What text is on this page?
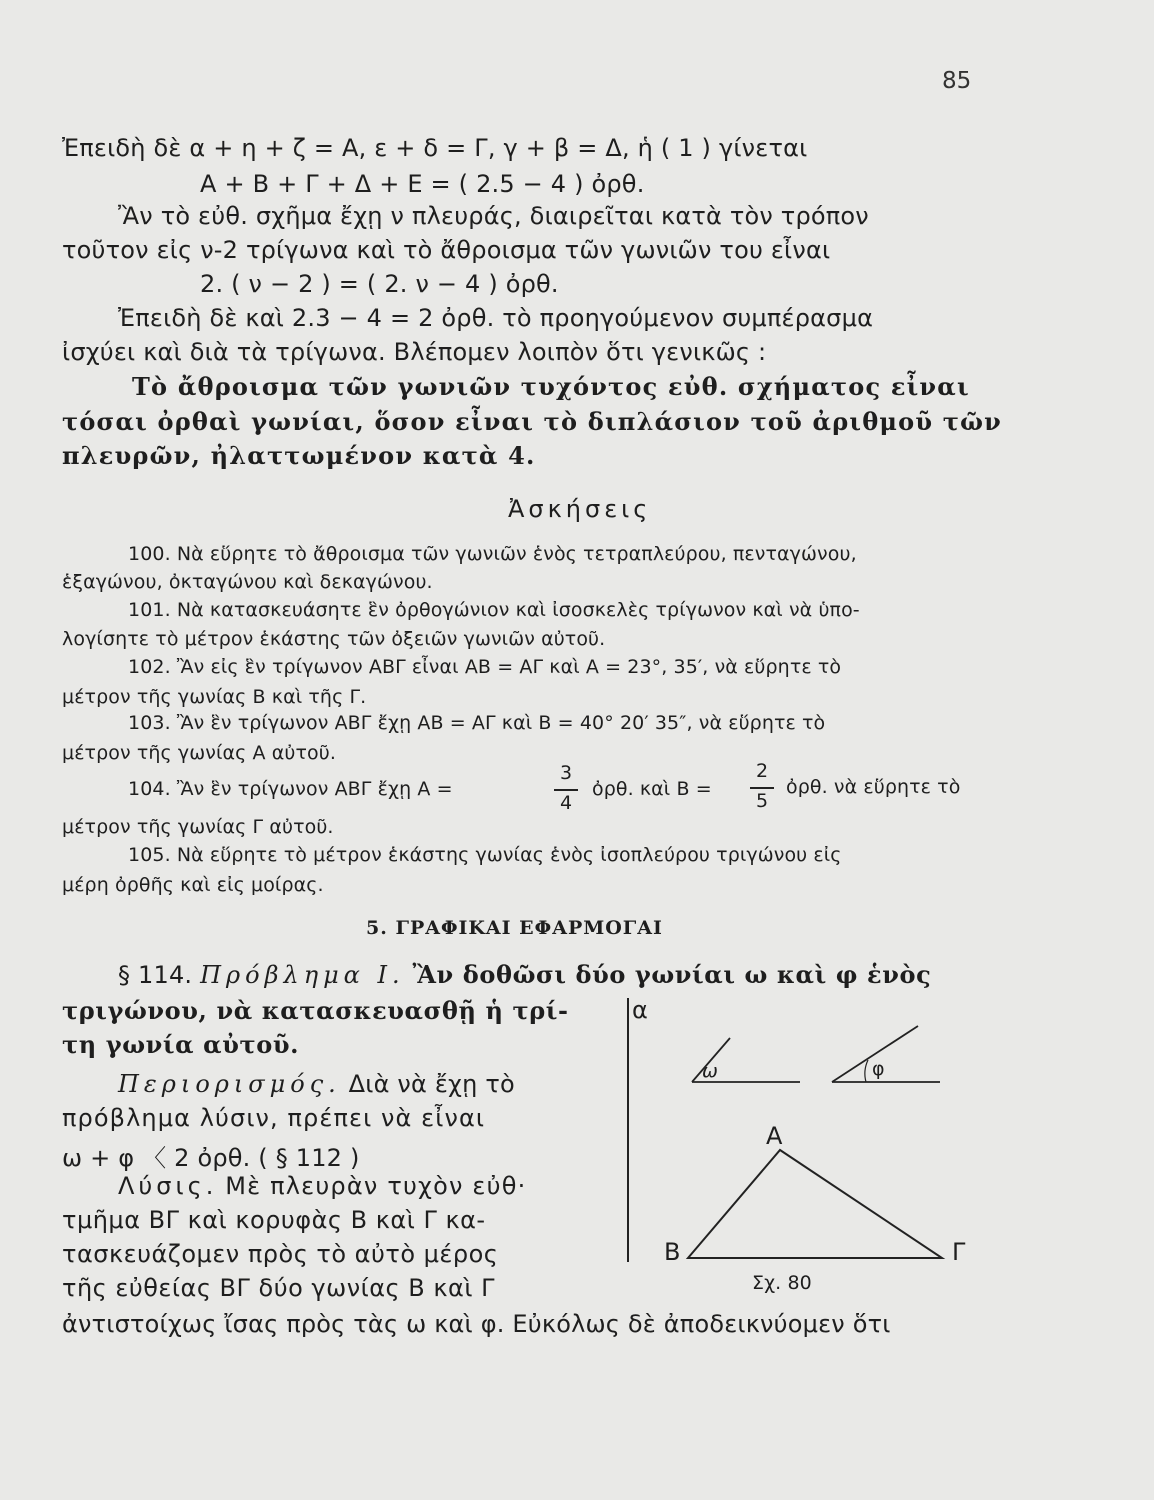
85
Ἐπειδὴ δὲ α + η + ζ = Α, ε + δ = Γ, γ + β = Δ, ἡ ( 1 ) γίνεται
Α + Β + Γ + Δ + Ε = ( 2.5 − 4 ) ὀρθ.
Ἂν τὸ εὐθ. σχῆμα ἔχῃ ν πλευράς, διαιρεῖται κατὰ τὸν τρόπον
τοῦτον εἰς ν-2 τρίγωνα καὶ τὸ ἄθροισμα τῶν γωνιῶν του εἶναι
2. ( ν − 2 ) = ( 2. ν − 4 ) ὀρθ.
Ἐπειδὴ δὲ καὶ 2.3 − 4 = 2 ὀρθ. τὸ προηγούμενον συμπέρασμα
ἰσχύει καὶ διὰ τὰ τρίγωνα. Βλέπομεν λοιπὸν ὅτι γενικῶς :
Τὸ ἄθροισμα τῶν γωνιῶν τυχόντος εὐθ. σχήματος εἶναι
τόσαι ὀρθαὶ γωνίαι, ὅσον εἶναι τὸ διπλάσιον τοῦ ἀριθμοῦ τῶν
πλευρῶν, ἠλαττωμένον κατὰ 4.
Ἀσκήσεις
100. Νὰ εὕρητε τὸ ἄθροισμα τῶν γωνιῶν ἑνὸς τετραπλεύρου, πενταγώνου,
ἑξαγώνου, ὀκταγώνου καὶ δεκαγώνου.
101. Νὰ κατασκευάσητε ἓν ὀρθογώνιον καὶ ἰσοσκελὲς τρίγωνον καὶ νὰ ὑπο-
λογίσητε τὸ μέτρον ἑκάστης τῶν ὀξειῶν γωνιῶν αὐτοῦ.
102. Ἂν εἰς ἓν τρίγωνον ΑΒΓ εἶναι ΑΒ = ΑΓ καὶ Α = 23°, 35′, νὰ εὕρητε τὸ
μέτρον τῆς γωνίας Β καὶ τῆς Γ.
103. Ἂν ἓν τρίγωνον ΑΒΓ ἔχῃ ΑΒ = ΑΓ καὶ Β = 40° 20′ 35″, νὰ εὕρητε τὸ
μέτρον τῆς γωνίας Α αὐτοῦ.
104. Ἂν ἓν τρίγωνον ΑΒΓ ἔχῃ Α =
3
4
ὀρθ. καὶ Β =
2
5
ὀρθ. νὰ εὕρητε τὸ
μέτρον τῆς γωνίας Γ αὐτοῦ.
105. Νὰ εὕρητε τὸ μέτρον ἑκάστης γωνίας ἑνὸς ἰσοπλεύρου τριγώνου εἰς
μέρη ὀρθῆς καὶ εἰς μοίρας.
5. ΓΡΑΦΙΚΑΙ ΕΦΑΡΜΟΓΑΙ
§ 114. Πρόβλημα Ι. Ἂν δοθῶσι δύο γωνίαι ω καὶ φ ἑνὸς
τριγώνου, νὰ κατασκευασθῇ ἡ τρί-
τη γωνία αὐτοῦ.
Περιορισμός. Διὰ νὰ ἔχῃ τὸ
πρόβλημα λύσιν, πρέπει νὰ εἶναι
ω + φ 〈 2 ὀρθ. ( § 112 )
Λύσις. Μὲ πλευρὰν τυχὸν εὐθ·
τμῆμα ΒΓ καὶ κορυφὰς Β καὶ Γ κα-
τασκευάζομεν πρὸς τὸ αὐτὸ μέρος
τῆς εὐθείας ΒΓ δύο γωνίας Β καὶ Γ
ἀντιστοίχως ἴσας πρὸς τὰς ω καὶ φ. Εὐκόλως δὲ ἀποδεικνύομεν ὅτι
α
ω	φ
Α
Β	Γ
Σχ. 80
